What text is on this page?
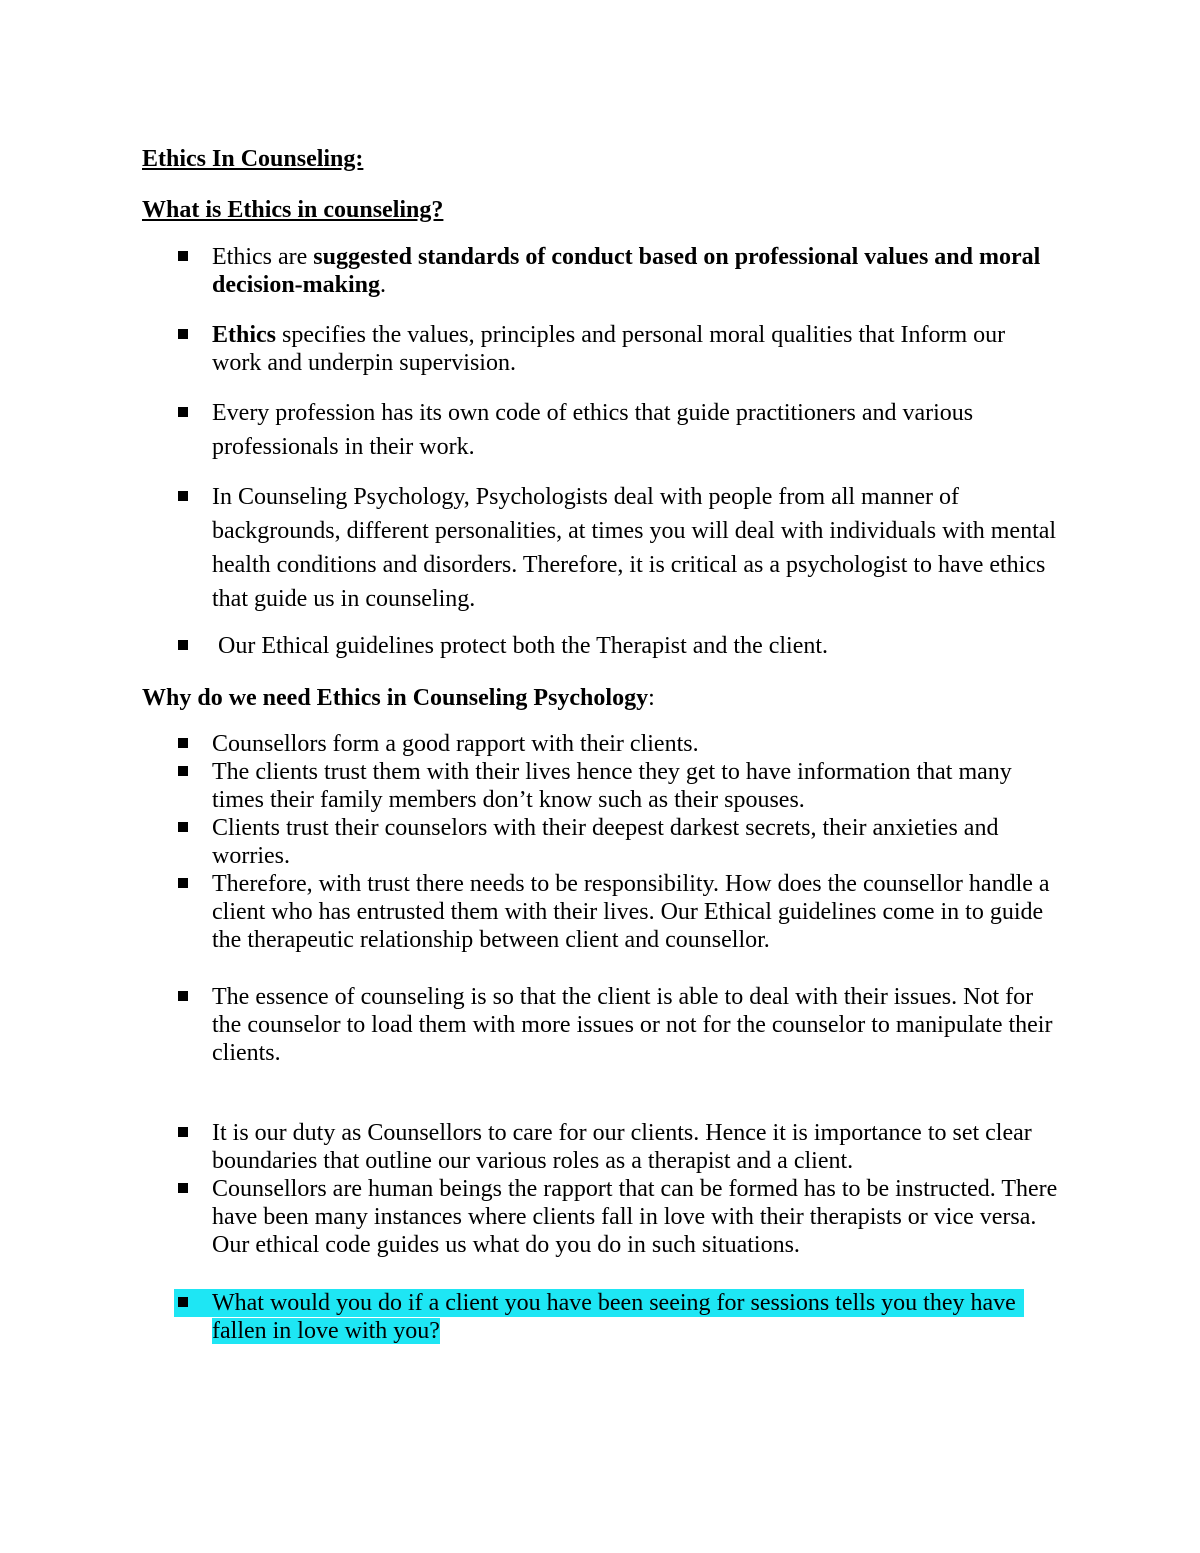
Ethics In Counseling:

What is Ethics in counseling?

Ethics are suggested standards of conduct based on professional values and moral decision-making.
Ethics specifies the values, principles and personal moral qualities that Inform our work and underpin supervision.
Every profession has its own code of ethics that guide practitioners and various professionals in their work.
In Counseling Psychology, Psychologists deal with people from all manner of backgrounds, different personalities, at times you will deal with individuals with mental health conditions and disorders. Therefore, it is critical as a psychologist to have ethics that guide us in counseling.
Our Ethical guidelines protect both the Therapist and the client.

Why do we need Ethics in Counseling Psychology:

Counsellors form a good rapport with their clients.
The clients trust them with their lives hence they get to have information that many times their family members don’t know such as their spouses.
Clients trust their counselors with their deepest darkest secrets, their anxieties and worries.
Therefore, with trust there needs to be responsibility. How does the counsellor handle a client who has entrusted them with their lives. Our Ethical guidelines come in to guide the therapeutic relationship between client and counsellor.
The essence of counseling is so that the client is able to deal with their issues. Not for the counselor to load them with more issues or not for the counselor to manipulate their clients.
It is our duty as Counsellors to care for our clients. Hence it is importance to set clear boundaries that outline our various roles as a therapist and a client.
Counsellors are human beings the rapport that can be formed has to be instructed. There have been many instances where clients fall in love with their therapists or vice versa. Our ethical code guides us what do you do in such situations.
What would you do if a client you have been seeing for sessions tells you they have fallen in love with you?
